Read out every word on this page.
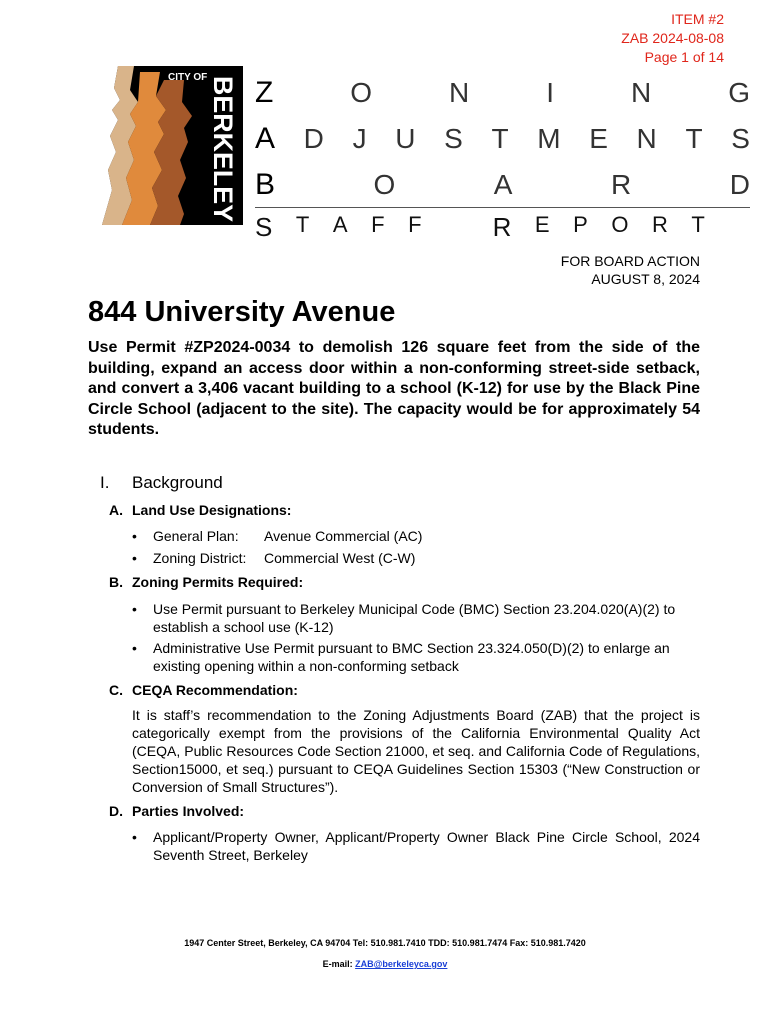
ITEM #2
ZAB 2024-08-08
Page 1 of 14
CITY OF BERKELEY Z	O	N	I	N	G
A D J U S T M E N T S
B	O	A	R	D
S T A F F	R E P O R T
FOR BOARD ACTION
AUGUST 8, 2024
844 University Avenue
Use Permit #ZP2024-0034 to demolish 126 square feet from the side of the building, expand an access door within a non-conforming street-side setback, and convert a 3,406 vacant building to a school (K-12) for use by the Black Pine Circle School (adjacent to the site). The capacity would be for approximately 54 students.
I. Background
A. Land Use Designations:
• General Plan: Avenue Commercial (AC)
• Zoning District: Commercial West (C-W)
B. Zoning Permits Required:
• Use Permit pursuant to Berkeley Municipal Code (BMC) Section 23.204.020(A)(2) to establish a school use (K-12)
• Administrative Use Permit pursuant to BMC Section 23.324.050(D)(2) to enlarge an existing opening within a non-conforming setback
C. CEQA Recommendation:
It is staff’s recommendation to the Zoning Adjustments Board (ZAB) that the project is categorically exempt from the provisions of the California Environmental Quality Act (CEQA, Public Resources Code Section 21000, et seq. and California Code of Regulations, Section15000, et seq.) pursuant to CEQA Guidelines Section 15303 (“New Construction or Conversion of Small Structures”).
D. Parties Involved:
• Applicant/Property Owner, Applicant/Property Owner Black Pine Circle School, 2024 Seventh Street, Berkeley
1947 Center Street, Berkeley, CA 94704 Tel: 510.981.7410 TDD: 510.981.7474 Fax: 510.981.7420
E-mail: ZAB@berkeleyca.gov
